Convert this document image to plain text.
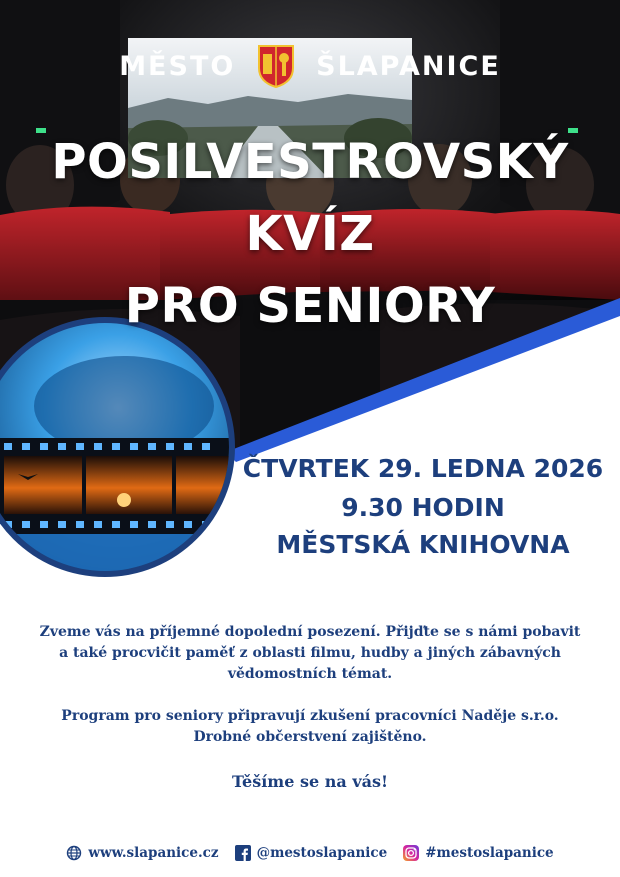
MĚSTO	ŠLAPANICE
POSILVESTROVSKÝ
KVÍZ
PRO SENIORY
ČTVRTEK 29. LEDNA 2026
9.30 HODIN
MĚSTSKÁ KNIHOVNA
Zveme vás na příjemné dopolední posezení. Přijďte se s námi pobavit
a také procvičit paměť z oblasti filmu, hudby a jiných zábavných
vědomostních témat.
Program pro seniory připravují zkušení pracovníci Naděje s.r.o.
Drobné občerstvení zajištěno.
Těšíme se na vás!
www.slapanice.cz	@mestoslapanice	#mestoslapanice
